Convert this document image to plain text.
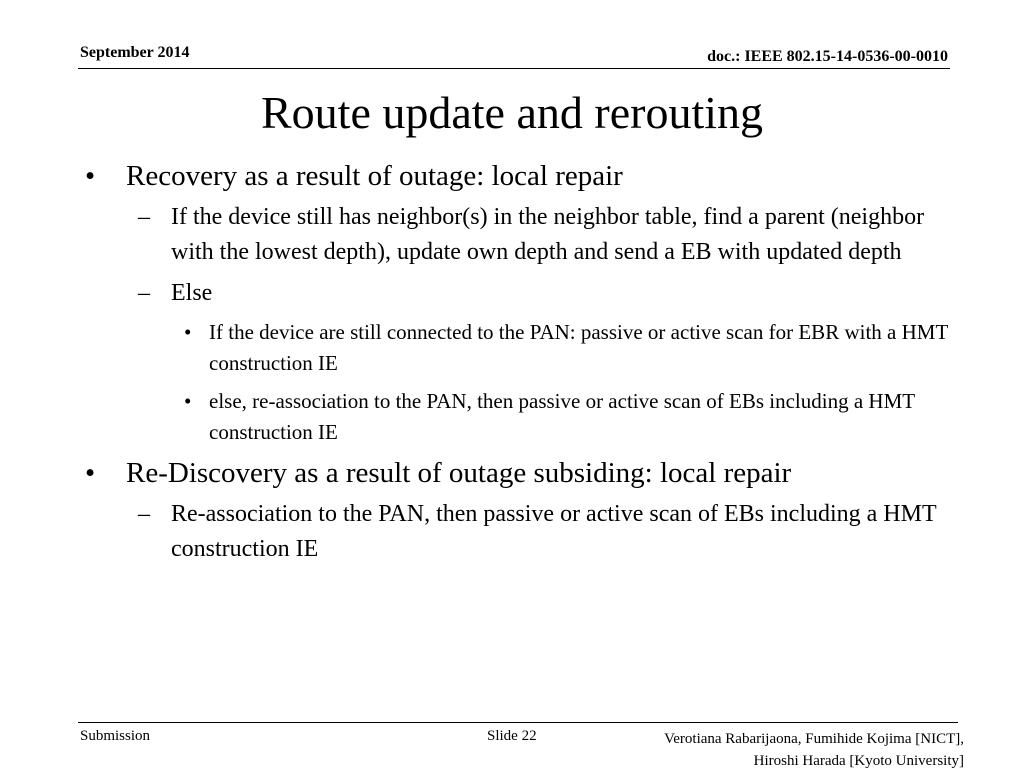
September 2014	doc.: IEEE 802.15-14-0536-00-0010
Route update and rerouting
• Recovery as a result of outage: local repair
– If the device still has neighbor(s) in the neighbor table, find a parent (neighbor with the lowest depth), update own depth and send a EB with updated depth
– Else
• If the device are still connected to the PAN: passive or active scan for EBR with a HMT construction IE
• else, re-association to the PAN, then passive or active scan of EBs including a HMT construction IE
• Re-Discovery as a result of outage subsiding: local repair
– Re-association to the PAN, then passive or active scan of EBs including a HMT construction IE
Submission	Slide 22	Verotiana Rabarijaona, Fumihide Kojima [NICT],
Hiroshi Harada [Kyoto University]
